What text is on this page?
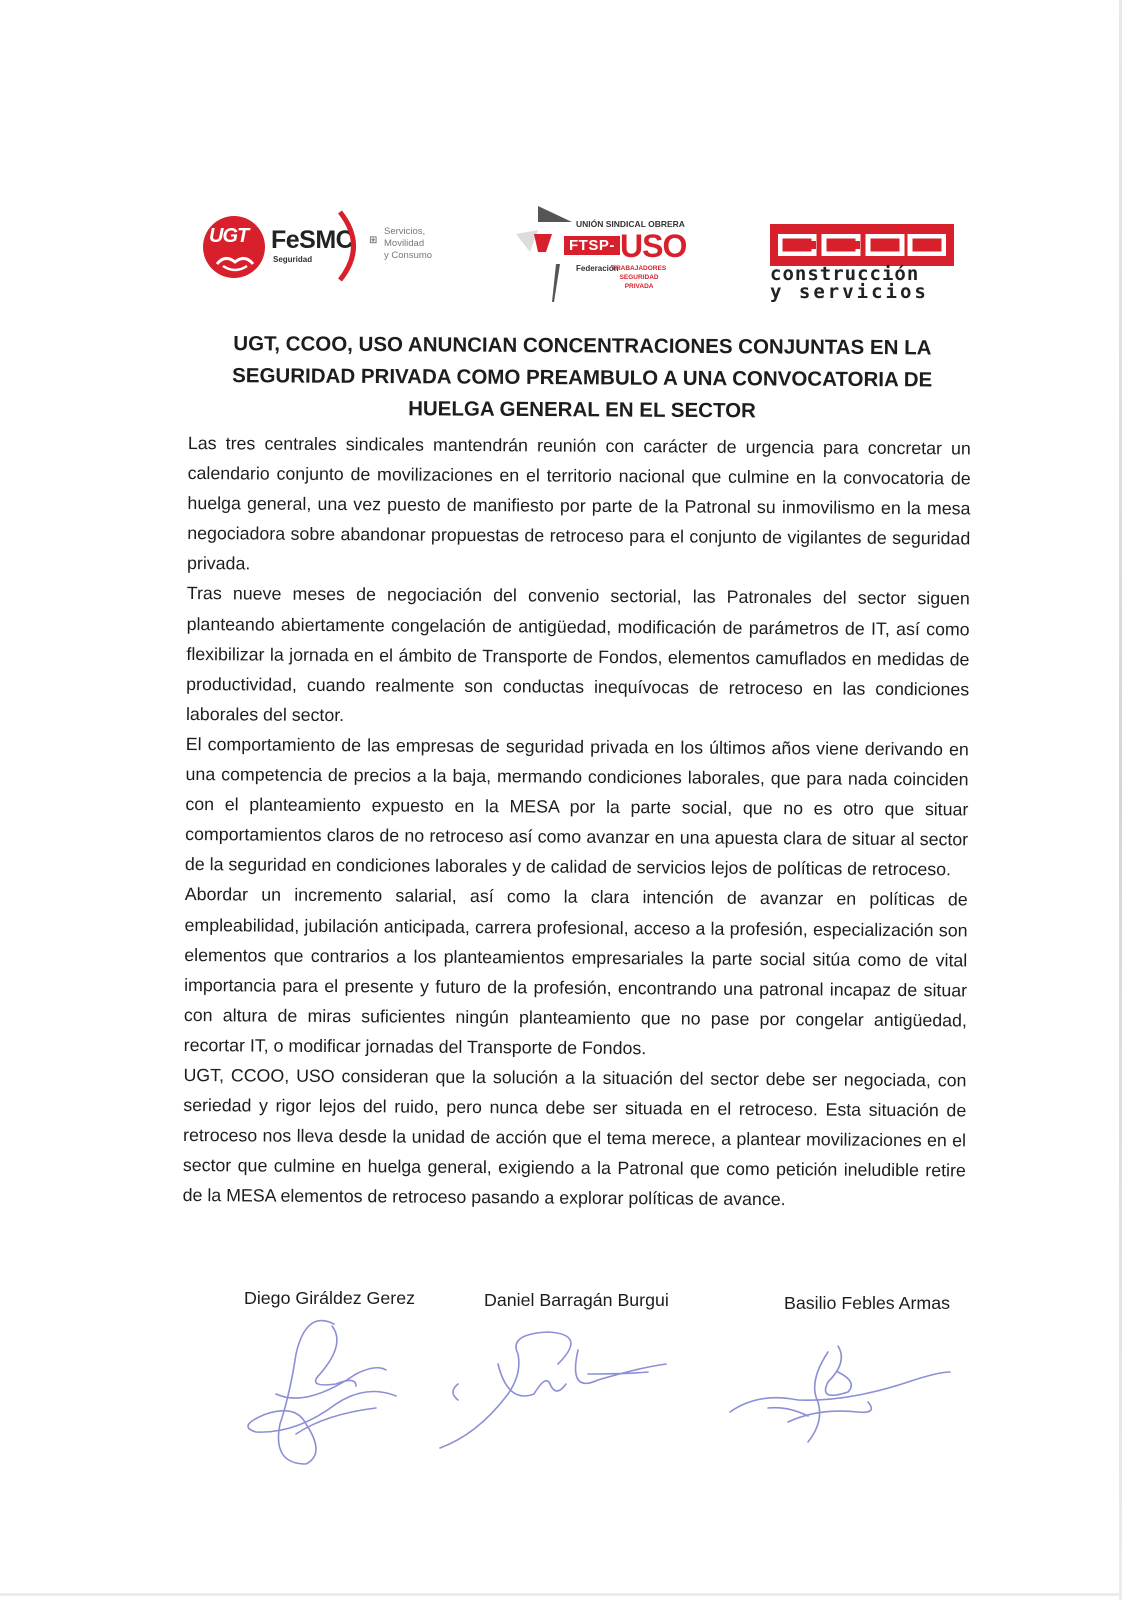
UGT FeSMC
Seguridad
⊞
Servicios,
Movilidad
y Consumo
UNIÓN SINDICAL OBRERA
FTSP- USO
Federación
TRABAJADORES
SEGURIDAD
PRIVADA
construcción
y servicios
UGT, CCOO, USO ANUNCIAN CONCENTRACIONES CONJUNTAS EN LA
SEGURIDAD PRIVADA COMO PREAMBULO A UNA CONVOCATORIA DE
HUELGA GENERAL EN EL SECTOR

Las tres centrales sindicales mantendrán reunión con carácter de urgencia para concretar un calendario conjunto de movilizaciones en el territorio nacional que culmine en la convocatoria de huelga general, una vez puesto de manifiesto por parte de la Patronal su inmovilismo en la mesa negociadora sobre abandonar propuestas de retroceso para el conjunto de vigilantes de seguridad privada.

Tras nueve meses de negociación del convenio sectorial, las Patronales del sector siguen planteando abiertamente congelación de antigüedad, modificación de parámetros de IT, así como flexibilizar la jornada en el ámbito de Transporte de Fondos, elementos camuflados en medidas de productividad, cuando realmente son conductas inequívocas de retroceso en las condiciones laborales del sector.

El comportamiento de las empresas de seguridad privada en los últimos años viene derivando en una competencia de precios a la baja, mermando condiciones laborales, que para nada coinciden con el planteamiento expuesto en la MESA por la parte social, que no es otro que situar comportamientos claros de no retroceso así como avanzar en una apuesta clara de situar al sector de la seguridad en condiciones laborales y de calidad de servicios lejos de políticas de retroceso.

Abordar un incremento salarial, así como la clara intención de avanzar en políticas de empleabilidad, jubilación anticipada, carrera profesional, acceso a la profesión, especialización son elementos que contrarios a los planteamientos empresariales la parte social sitúa como de vital importancia para el presente y futuro de la profesión, encontrando una patronal incapaz de situar con altura de miras suficientes ningún planteamiento que no pase por congelar antigüedad, recortar IT, o modificar jornadas del Transporte de Fondos.

UGT, CCOO, USO consideran que la solución a la situación del sector debe ser negociada, con seriedad y rigor lejos del ruido, pero nunca debe ser situada en el retroceso. Esta situación de retroceso nos lleva desde la unidad de acción que el tema merece, a plantear movilizaciones en el sector que culmine en huelga general, exigiendo a la Patronal que como petición ineludible retire de la MESA elementos de retroceso pasando a explorar políticas de avance.

Diego Giráldez Gerez	Daniel Barragán Burgui	Basilio Febles Armas
